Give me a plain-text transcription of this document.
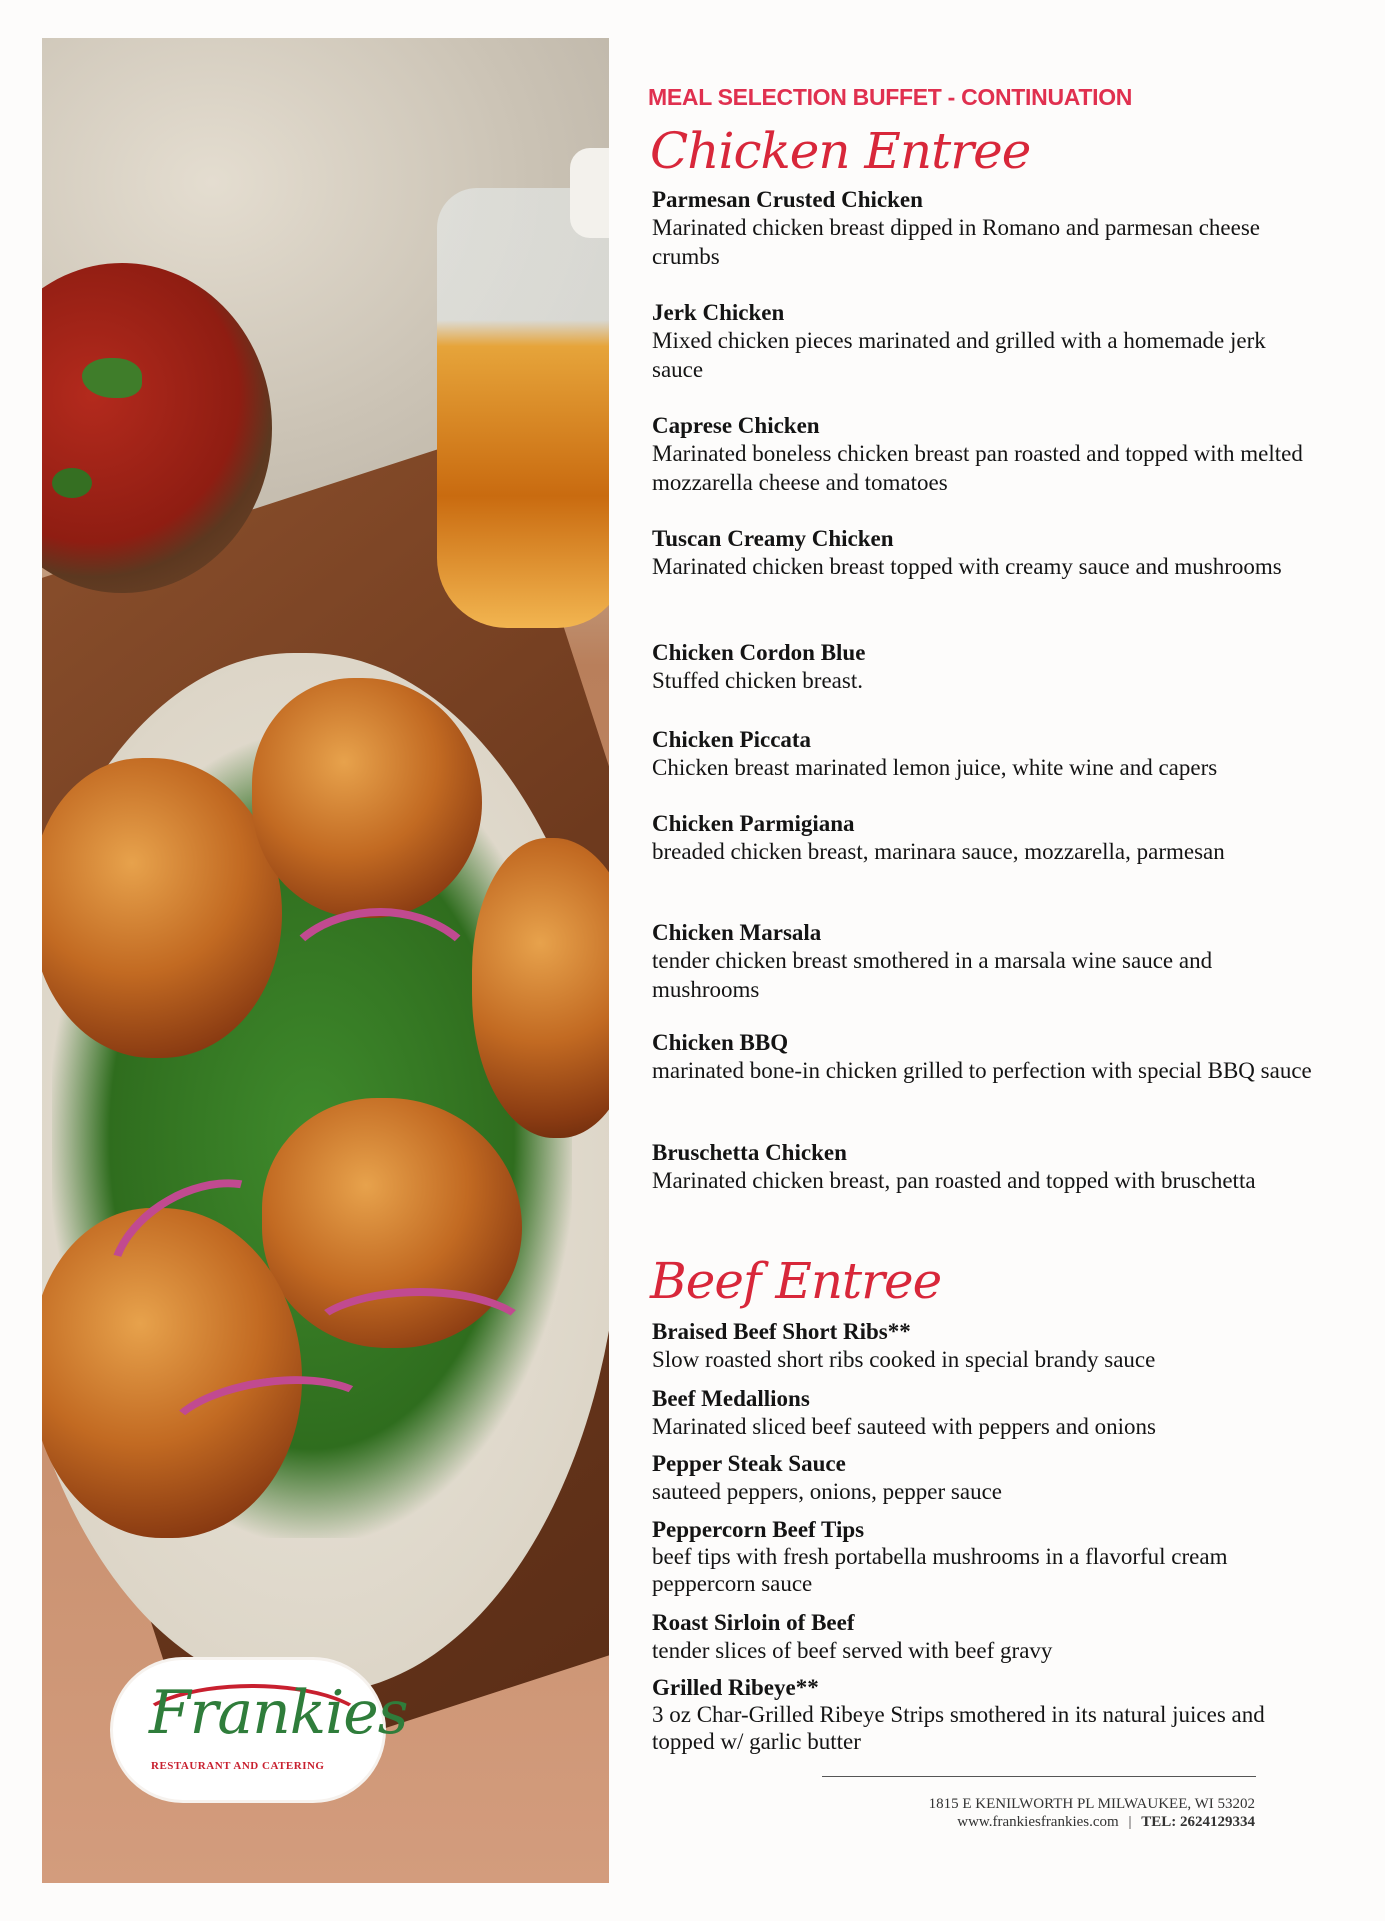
Frankies
RESTAURANT AND CATERING
MEAL SELECTION BUFFET - CONTINUATION
Chicken Entree
Parmesan Crusted Chicken
Marinated chicken breast dipped in Romano and parmesan cheese crumbs
Jerk Chicken
Mixed chicken pieces marinated and grilled with a homemade jerk sauce
Caprese Chicken
Marinated boneless chicken breast pan roasted and topped with melted mozzarella cheese and tomatoes
Tuscan Creamy Chicken
Marinated chicken breast topped with creamy sauce and mushrooms
Chicken Cordon Blue
Stuffed chicken breast.
Chicken Piccata
Chicken breast marinated lemon juice, white wine and capers
Chicken Parmigiana
breaded chicken breast, marinara sauce, mozzarella, parmesan
Chicken Marsala
tender chicken breast smothered in a marsala wine sauce and mushrooms
Chicken BBQ
marinated bone-in chicken grilled to perfection with special BBQ sauce
Bruschetta Chicken
Marinated chicken breast, pan roasted and topped with bruschetta
Beef Entree
Braised Beef Short Ribs**
Slow roasted short ribs cooked in special brandy sauce
Beef Medallions
Marinated sliced beef sauteed with peppers and onions
Pepper Steak Sauce
sauteed peppers, onions, pepper sauce
Peppercorn Beef Tips
beef tips with fresh portabella mushrooms in a flavorful cream peppercorn sauce
Roast Sirloin of Beef
tender slices of beef served with beef gravy
Grilled Ribeye**
3 oz Char-Grilled Ribeye Strips smothered in its natural juices and topped w/ garlic butter
1815 E KENILWORTH PL MILWAUKEE, WI 53202
www.frankiesfrankies.com | TEL: 2624129334
